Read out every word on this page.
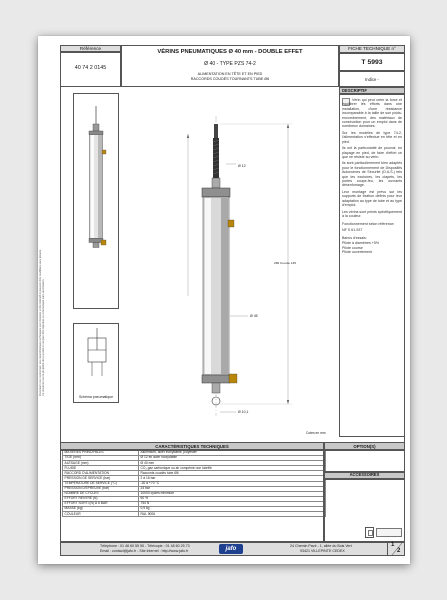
Document non contractuel. Les caractéristiques techniques sont données à titre indicatif et peuvent être modifiées sans préavis. Ce document est la propriété de la société et ne peut être reproduit ou communiqué sans autorisation.
Référence
40 74 2 0145
VÉRINS PNEUMATIQUES Ø 40 mm - DOUBLE EFFET
Ø 40 - TYPE PZS 74-2
ALIMENTATION EN TÊTE ET EN PIED
RACCORDS COUDÉS TOURNANTS TUBE Ø6
FICHE TECHNIQUE n°
T 5993
Indice -
Schéma pneumatique
Ø 12
Ø 45
280 Course 145
Ø 10,1
Cotes en mm
DESCRIPTIF

Vérin qui peut créer la force et équilibrer les efforts dans une installation, d'une résistance incomparable à la taille de son poids-encombrement, des matériaux de construction pour un emploi dans de nombreux domaines.

Sur les modèles de type 74-2, l'alimentation s'effectue en tête et en pied.

Ils ont la particularité de pouvoir, en plaçage en pied, de faire d'effort ce que ne résiste au vérin.

Ils sont particulièrement bien adaptés pour le fonctionnement de Dispositifs Autonomes de Sécurité (D.A.S.) tels que les exutoires, les clapets, les portes coupe-feu, les ouvrants désenfumage.

Leur montage est prévu sur les supports de fixation définis pour leur adaptation au type de tube et au type d'emploi.

Les vérins sont peints spécifiquement à la couleur.

Fonctionnement selon référence:

NF S 61-937

Bancs d'essais:

Pilote à diamètres +5%

Pilote course

Pilote ouvertement

CARACTÉRISTIQUES TECHNIQUES
MATIÈRES PRINCIPALES	Aluminium, acier inoxydable, polyester
TIGE (mm)	Ø 12 en acier inoxydable
ALÉSAGE (mm)	Ø 40 mm
FLUIDE	CO₂ gaz carbonique ou air comprimé non lubrifié
RACCORD D'ALIMENTATION	Raccords coudés tube Ø6
PRESSION DE SERVICE (bar)	2 à 16 bar
TEMPÉRATURE DE SERVICE (°C)	-20 à +70 °C
PRESSION D'ÉPREUVE (bar)	24 bar
NOMBRE DE CYCLES	10000 cycles minimum
EFFORT RENTRÉ (N)	60 %
EFFORT SORTI (N) À 6 BAR	754 N
MASSE (kg)	0,9 kg
COULEUR	RAL 9006
OPTION(S)
ACCESSOIRES
Téléphone : 01 48 60 55 55 - Télécopie : 01 48 60 25 73
Email : contact@jafo.fr - Site internet : http://www.jafo.fr	jafo
24 Chemin Pavé - 1, allée du Bois Vert
93421 VILLEPINTE CEDEX
1
2
